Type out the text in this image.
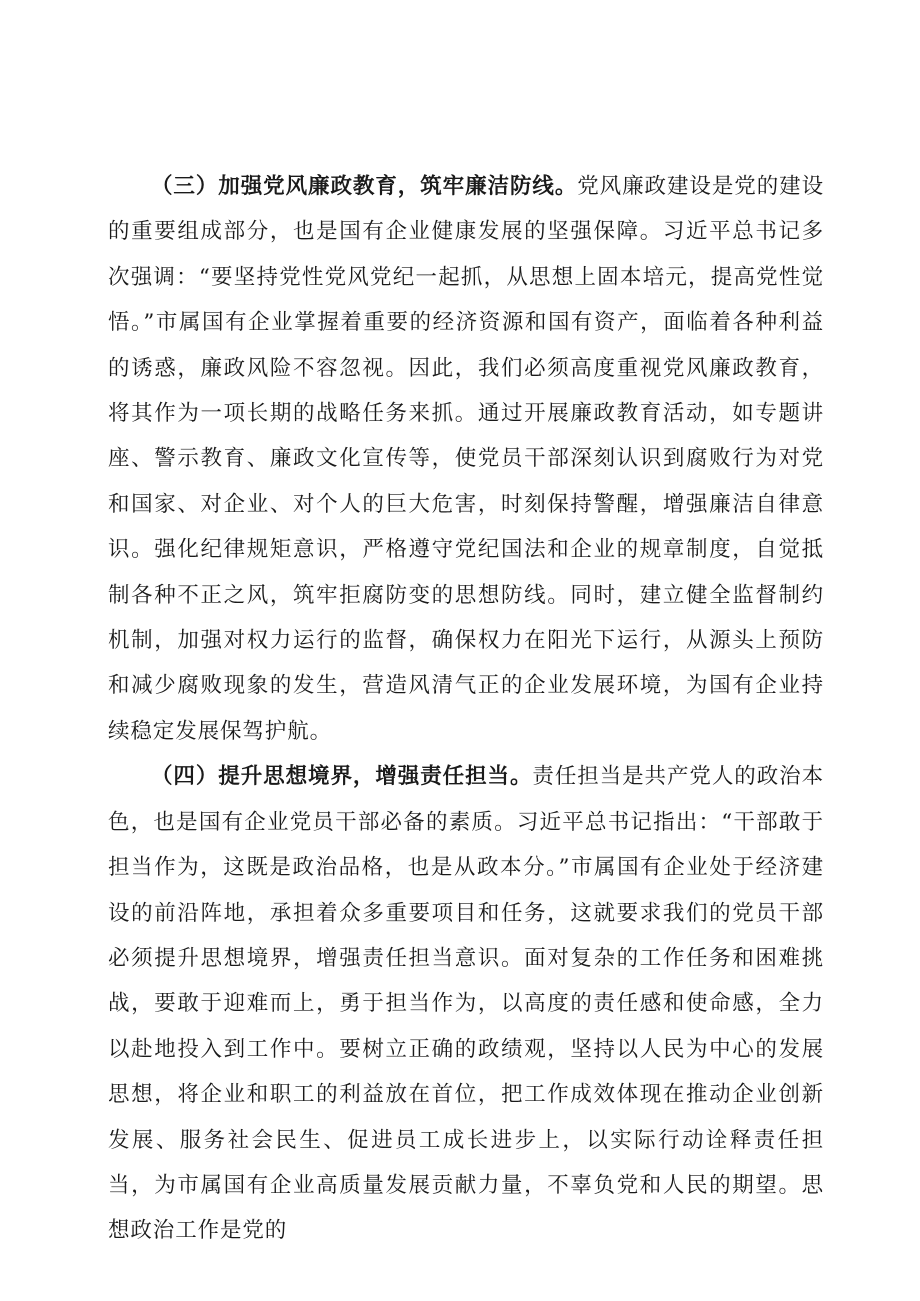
（三）加强党风廉政教育，筑牢廉洁防线。党风廉政建设是党的建设的重要组成部分，也是国有企业健康发展的坚强保障。习近平总书记多次强调：“要坚持党性党风党纪一起抓，从思想上固本培元，提高党性觉悟。”市属国有企业掌握着重要的经济资源和国有资产，面临着各种利益的诱惑，廉政风险不容忽视。因此，我们必须高度重视党风廉政教育，将其作为一项长期的战略任务来抓。通过开展廉政教育活动，如专题讲座、警示教育、廉政文化宣传等，使党员干部深刻认识到腐败行为对党和国家、对企业、对个人的巨大危害，时刻保持警醒，增强廉洁自律意识。强化纪律规矩意识，严格遵守党纪国法和企业的规章制度，自觉抵制各种不正之风，筑牢拒腐防变的思想防线。同时，建立健全监督制约机制，加强对权力运行的监督，确保权力在阳光下运行，从源头上预防和减少腐败现象的发生，营造风清气正的企业发展环境，为国有企业持续稳定发展保驾护航。

（四）提升思想境界，增强责任担当。责任担当是共产党人的政治本色，也是国有企业党员干部必备的素质。习近平总书记指出：“干部敢于担当作为，这既是政治品格，也是从政本分。”市属国有企业处于经济建设的前沿阵地，承担着众多重要项目和任务，这就要求我们的党员干部必须提升思想境界，增强责任担当意识。面对复杂的工作任务和困难挑战，要敢于迎难而上，勇于担当作为，以高度的责任感和使命感，全力以赴地投入到工作中。要树立正确的政绩观，坚持以人民为中心的发展思想，将企业和职工的利益放在首位，把工作成效体现在推动企业创新发展、服务社会民生、促进员工成长进步上，以实际行动诠释责任担当，为市属国有企业高质量发展贡献力量，不辜负党和人民的期望。思想政治工作是党的
